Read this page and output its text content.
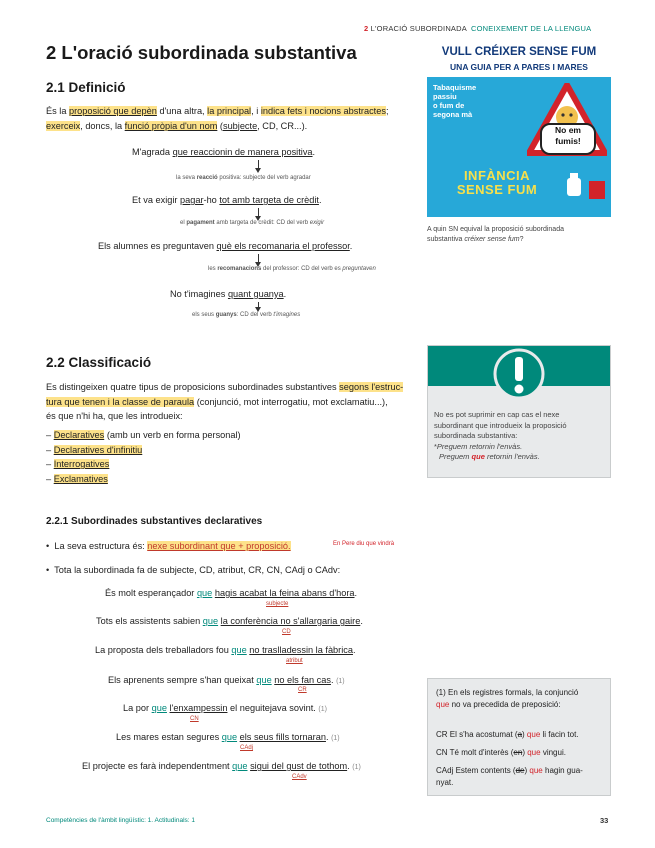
2 L'ORACIÓ SUBORDINADA CONEIXEMENT DE LA LLENGUA
2 L'oració subordinada substantiva
2.1 Definició
És la proposició que depèn d'una altra, la principal, i indica fets i nocions abstractes; exerceix, doncs, la funció pròpia d'un nom (subjecte, CD, CR...).
M'agrada que reaccionin de manera positiva.
la seva reacció positiva: subjecte del verb agradar
Et va exigir pagar-ho tot amb targeta de crèdit.
el pagament amb targeta de crèdit: CD del verb exigir
Els alumnes es preguntaven què els recomanaria el professor.
les recomanacions del professor: CD del verb es preguntaven
No t'imagines quant guanya.
els seus guanys: CD del verb t'imagines
VULL CRÉIXER SENSE FUM
UNA GUIA PER A PARES I MARES
Tabaquisme
passiu
o fum de
segona mà
No em
fumis!
INFÀNCIA
SENSE FUM
A quin SN equival la proposició subordinada
substantiva créixer sense fum?
2.2 Classificació
Es distingeixen quatre tipus de proposicions subordinades substantives segons l'estruc-
tura que tenen i la classe de paraula (conjunció, mot interrogatiu, mot exclamatiu...),
és que n'hi ha, que les introdueix:
– Declaratives (amb un verb en forma personal)
– Declaratives d'infinitiu
– Interrogatives
– Exclamatives
No es pot suprimir en cap cas el nexe
subordinant que introdueix la proposició
subordinada substantiva:
*Preguem retornin l'envàs.
Preguem que retornin l'envàs.
2.2.1 Subordinades substantives declaratives
• La seva estructura és: nexe subordinant que + proposició.	En Pere diu que vindrà
• Tota la subordinada fa de subjecte, CD, atribut, CR, CN, CAdj o CAdv:
És molt esperançador que hagis acabat la feina abans d'hora.
subjecte
Tots els assistents sabien que la conferència no s'allargaria gaire.
CD
La proposta dels treballadors fou que no traslladessin la fàbrica.
atribut
Els aprenents sempre s'han queixat que no els fan cas. (1)
CR
La por que l'enxampessin el neguitejava sovint. (1)
CN
Les mares estan segures que els seus fills tornaran. (1)
CAdj
El projecte es farà independentment que sigui del gust de tothom. (1)
CAdv
(1) En els registres formals, la conjunció
que no va precedida de preposició:
CR El s'ha acostumat (a) que li facin tot.
CN Té molt d'interès (en) que vingui.
CAdj Estem contents (de) que hagin gua-
nyat.
Competències de l'àmbit lingüístic: 1. Actitudinals: 1	33
